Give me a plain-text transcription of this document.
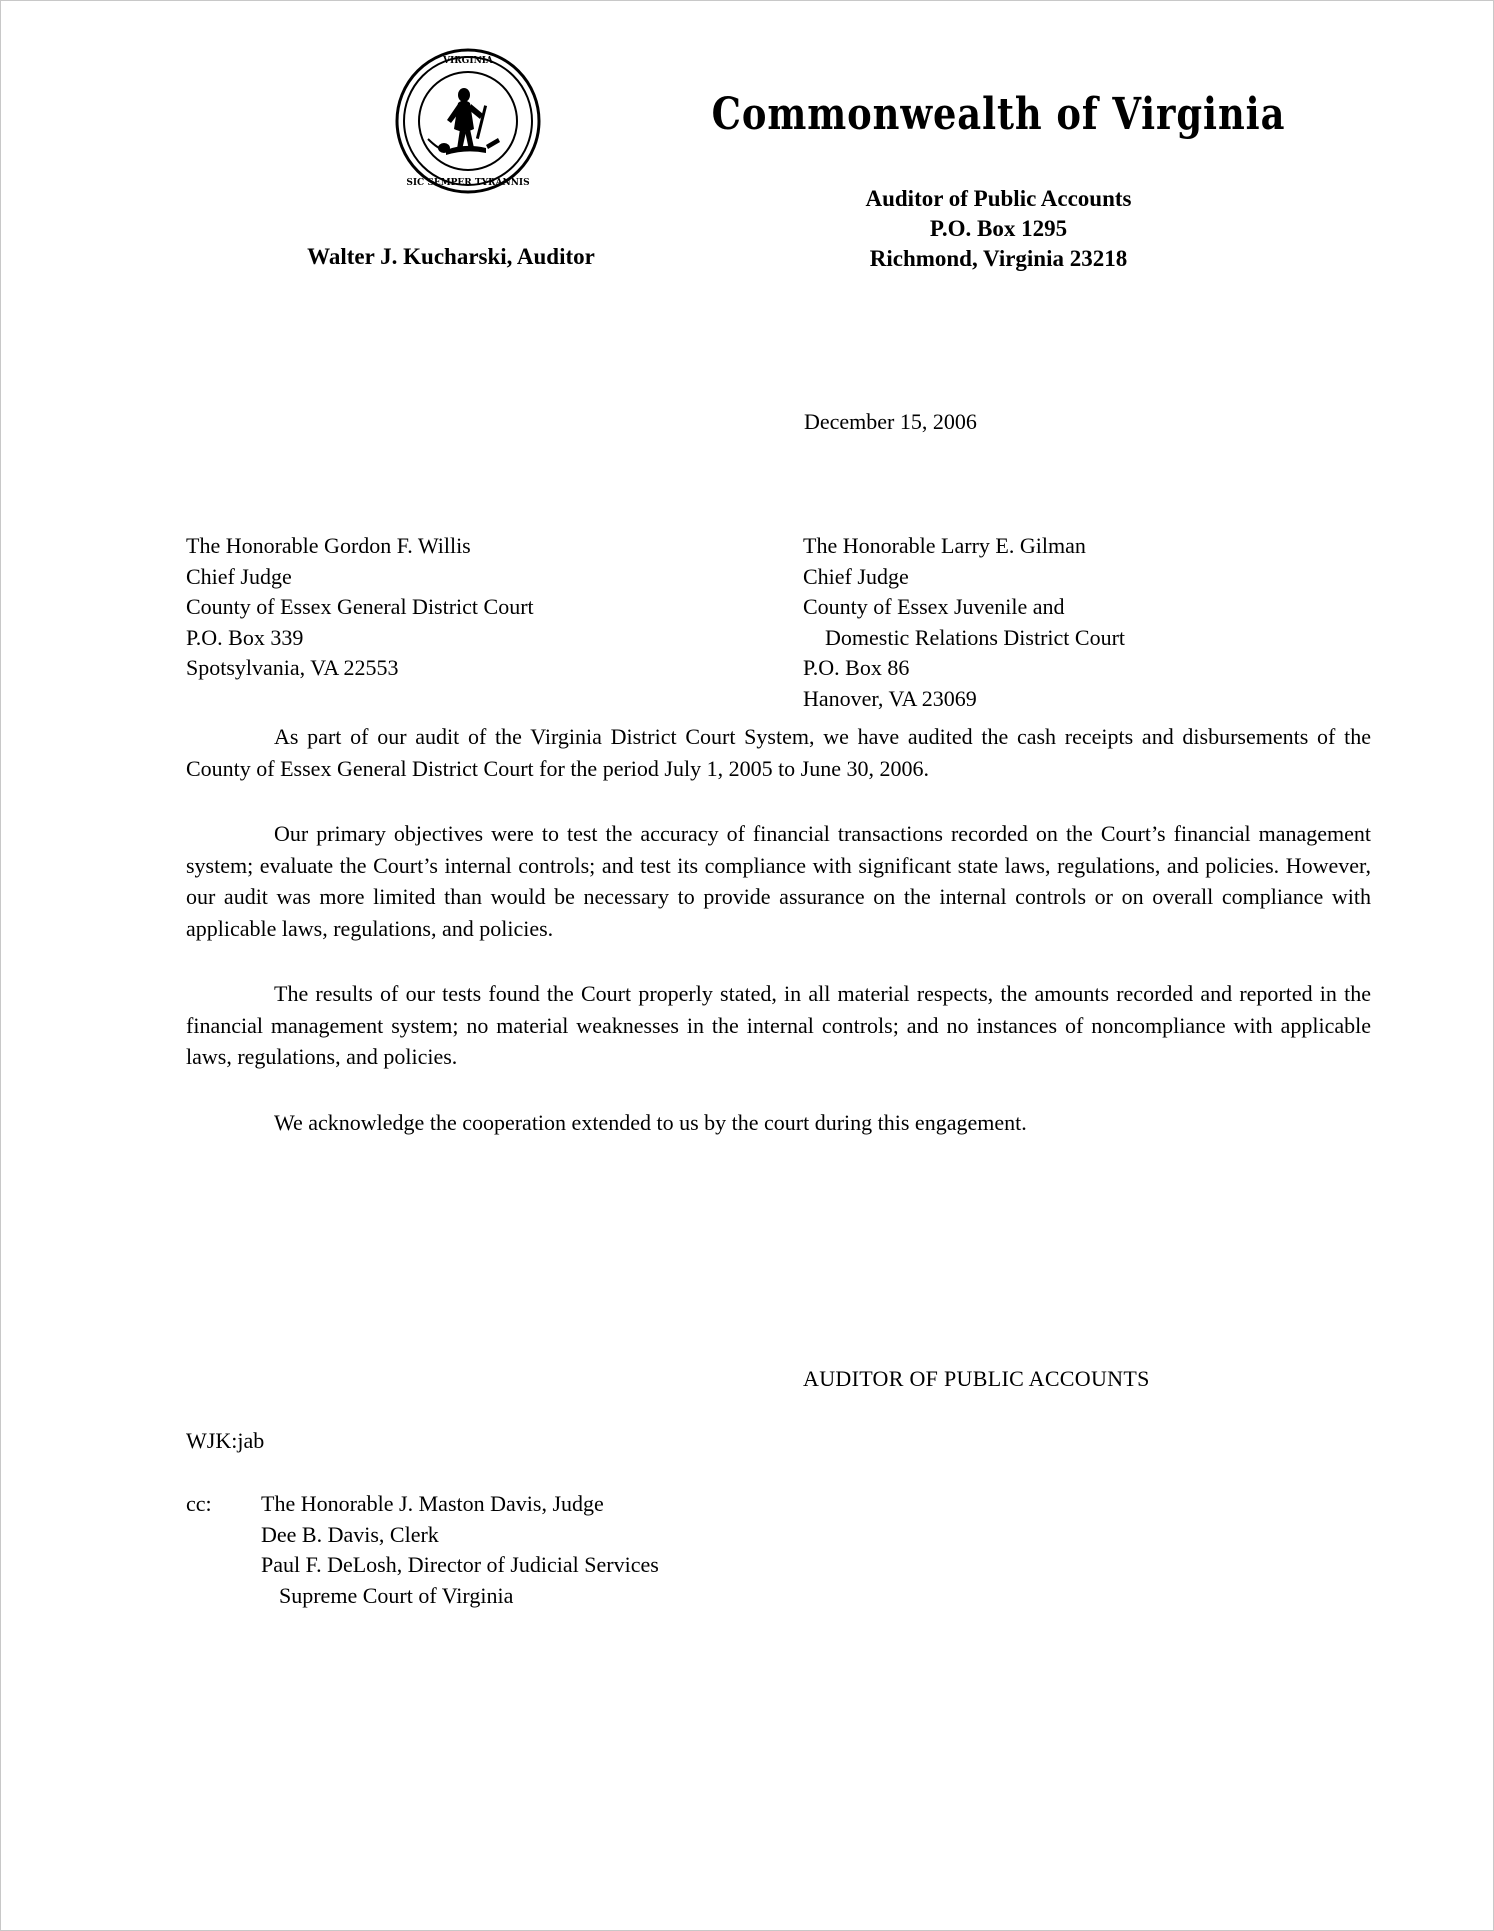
VIRGINIA
SIC SEMPER TYRANNIS
Commonwealth of Virginia
Auditor of Public Accounts
P.O. Box 1295
Richmond, Virginia 23218
Walter J. Kucharski, Auditor
December 15, 2006
The Honorable Gordon F. Willis
Chief Judge
County of Essex General District Court
P.O. Box 339
Spotsylvania, VA 22553
The Honorable Larry E. Gilman
Chief Judge
County of Essex Juvenile and
Domestic Relations District Court
P.O. Box 86
Hanover, VA 23069

As part of our audit of the Virginia District Court System, we have audited the cash receipts and disbursements of the County of Essex General District Court for the period July 1, 2005 to June 30, 2006.

Our primary objectives were to test the accuracy of financial transactions recorded on the Court’s financial management system; evaluate the Court’s internal controls; and test its compliance with significant state laws, regulations, and policies. However, our audit was more limited than would be necessary to provide assurance on the internal controls or on overall compliance with applicable laws, regulations, and policies.

The results of our tests found the Court properly stated, in all material respects, the amounts recorded and reported in the financial management system; no material weaknesses in the internal controls; and no instances of noncompliance with applicable laws, regulations, and policies.

We acknowledge the cooperation extended to us by the court during this engagement.

AUDITOR OF PUBLIC ACCOUNTS
WJK:jab
cc: The Honorable J. Maston Davis, Judge
Dee B. Davis, Clerk
Paul F. DeLosh, Director of Judicial Services
Supreme Court of Virginia
